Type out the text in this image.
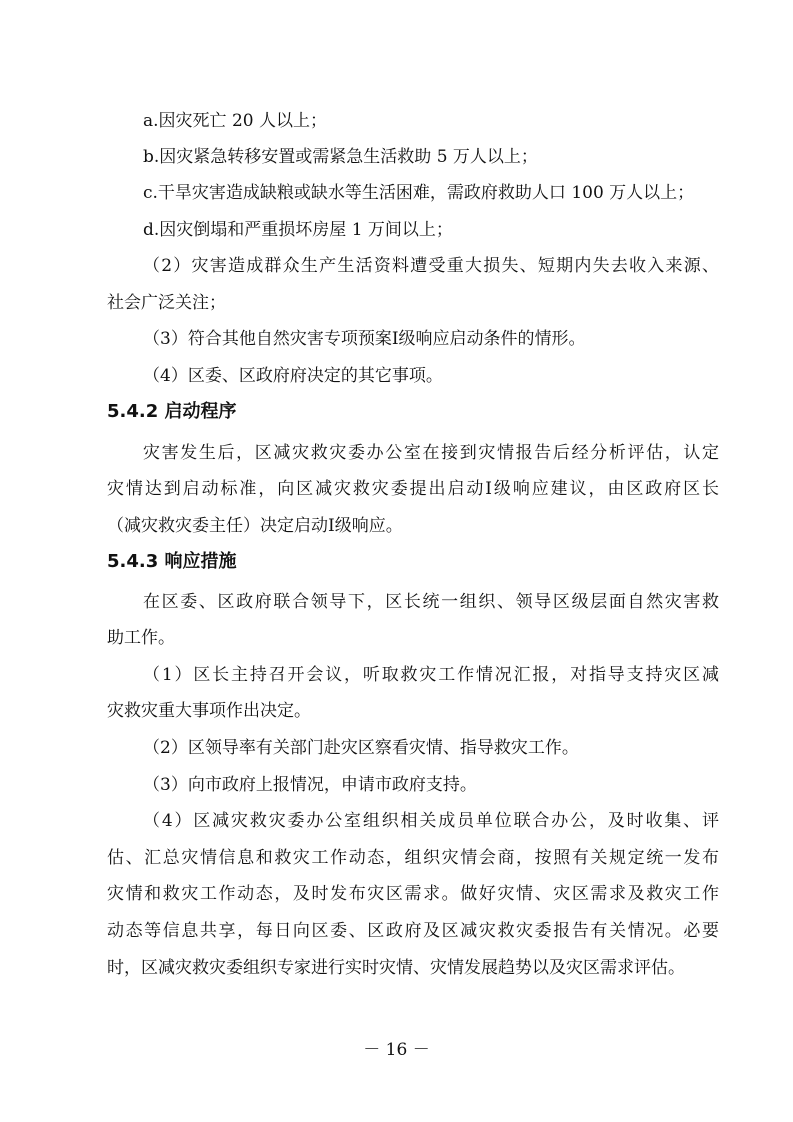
a.因灾死亡 20 人以上；
b.因灾紧急转移安置或需紧急生活救助 5 万人以上；
c.干旱灾害造成缺粮或缺水等生活困难，需政府救助人口 100 万人以上；
d.因灾倒塌和严重损坏房屋 1 万间以上；
（2）灾害造成群众生产生活资料遭受重大损失、短期内失去收入来源、
社会广泛关注；
（3）符合其他自然灾害专项预案Ⅰ级响应启动条件的情形。
（4）区委、区政府府决定的其它事项。
5.4.2 启动程序
灾害发生后，区减灾救灾委办公室在接到灾情报告后经分析评估，认定
灾情达到启动标准，向区减灾救灾委提出启动Ⅰ级响应建议，由区政府区长
（减灾救灾委主任）决定启动Ⅰ级响应。
5.4.3 响应措施
在区委、区政府联合领导下，区长统一组织、领导区级层面自然灾害救
助工作。
（1）区长主持召开会议，听取救灾工作情况汇报，对指导支持灾区减
灾救灾重大事项作出决定。
（2）区领导率有关部门赴灾区察看灾情、指导救灾工作。
（3）向市政府上报情况，申请市政府支持。
（4）区减灾救灾委办公室组织相关成员单位联合办公，及时收集、评
估、汇总灾情信息和救灾工作动态，组织灾情会商，按照有关规定统一发布
灾情和救灾工作动态，及时发布灾区需求。做好灾情、灾区需求及救灾工作
动态等信息共享，每日向区委、区政府及区减灾救灾委报告有关情况。必要
时，区减灾救灾委组织专家进行实时灾情、灾情发展趋势以及灾区需求评估。
－ 16 －
